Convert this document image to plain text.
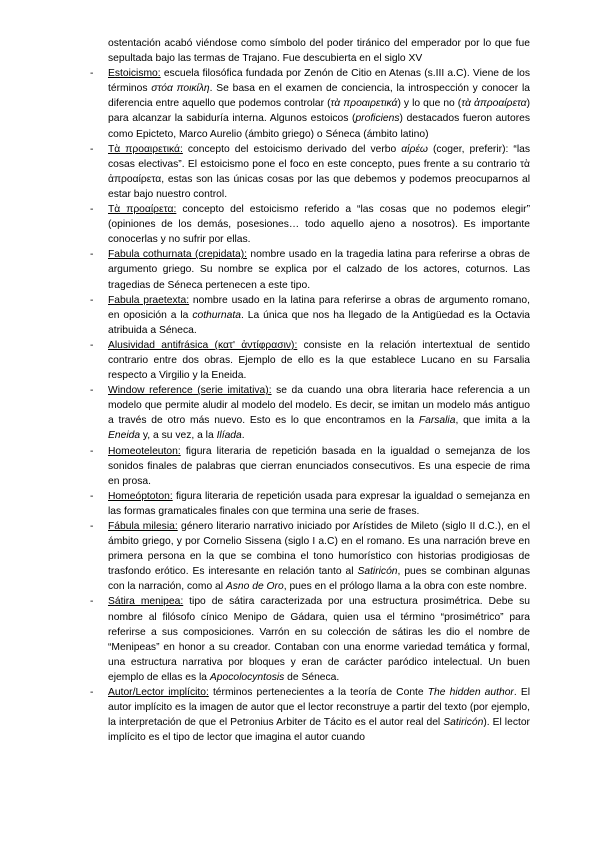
ostentación acabó viéndose como símbolo del poder tiránico del emperador por lo que fue sepultada bajo las termas de Trajano. Fue descubierta en el siglo XV
-	Estoicismo: escuela filosófica fundada por Zenón de Citio en Atenas (s.III a.C). Viene de los términos στόα ποικίλη. Se basa en el examen de conciencia, la introspección y conocer la diferencia entre aquello que podemos controlar (τὰ προαιρετικά) y lo que no (τὰ ἀπροαίρετα) para alcanzar la sabiduría interna. Algunos estoicos (proficiens) destacados fueron autores como Epicteto, Marco Aurelio (ámbito griego) o Séneca (ámbito latino)
-	Τὰ προαιρετικά: concepto del estoicismo derivado del verbo αἱρέω (coger, preferir): “las cosas electivas”. El estoicismo pone el foco en este concepto, pues frente a su contrario τὰ ἀπροαίρετα, estas son las únicas cosas por las que debemos y podemos preocuparnos al estar bajo nuestro control.
-	Τὰ προαίρετα: concepto del estoicismo referido a “las cosas que no podemos elegir” (opiniones de los demás, posesiones… todo aquello ajeno a nosotros). Es importante conocerlas y no sufrir por ellas.
-	Fabula cothurnata (crepidata): nombre usado en la tragedia latina para referirse a obras de argumento griego. Su nombre se explica por el calzado de los actores, coturnos. Las tragedias de Séneca pertenecen a este tipo.
-	Fabula praetexta: nombre usado en la latina para referirse a obras de argumento romano, en oposición a la cothurnata. La única que nos ha llegado de la Antigüedad es la Octavia atribuida a Séneca.
-	Alusividad antifrásica (κατ' ἀντίφρασιν): consiste en la relación intertextual de sentido contrario entre dos obras. Ejemplo de ello es la que establece Lucano en su Farsalia respecto a Virgilio y la Eneida.
-	Window reference (serie imitativa): se da cuando una obra literaria hace referencia a un modelo que permite aludir al modelo del modelo. Es decir, se imitan un modelo más antiguo a través de otro más nuevo. Esto es lo que encontramos en la Farsalia, que imita a la Eneida y, a su vez, a la Ilíada.
-	Homeoteleuton: figura literaria de repetición basada en la igualdad o semejanza de los sonidos finales de palabras que cierran enunciados consecutivos. Es una especie de rima en prosa.
-	Homeóptoton: figura literaria de repetición usada para expresar la igualdad o semejanza en las formas gramaticales finales con que termina una serie de frases.
-	Fábula milesia: género literario narrativo iniciado por Arístides de Mileto (siglo II d.C.), en el ámbito griego, y por Cornelio Sissena (siglo I a.C) en el romano. Es una narración breve en primera persona en la que se combina el tono humorístico con historias prodigiosas de trasfondo erótico. Es interesante en relación tanto al Satiricón, pues se combinan algunas con la narración, como al Asno de Oro, pues en el prólogo llama a la obra con este nombre.
-	Sátira menipea: tipo de sátira caracterizada por una estructura prosimétrica. Debe su nombre al filósofo cínico Menipo de Gádara, quien usa el término “prosimétrico” para referirse a sus composiciones. Varrón en su colección de sátiras les dio el nombre de “Menipeas” en honor a su creador. Contaban con una enorme variedad temática y formal, una estructura narrativa por bloques y eran de carácter paródico intelectual. Un buen ejemplo de ellas es la Apocolocyntosis de Séneca.
-	Autor/Lector implícito: términos pertenecientes a la teoría de Conte The hidden author. El autor implícito es la imagen de autor que el lector reconstruye a partir del texto (por ejemplo, la interpretación de que el Petronius Arbiter de Tácito es el autor real del Satiricón). El lector implícito es el tipo de lector que imagina el autor cuando
